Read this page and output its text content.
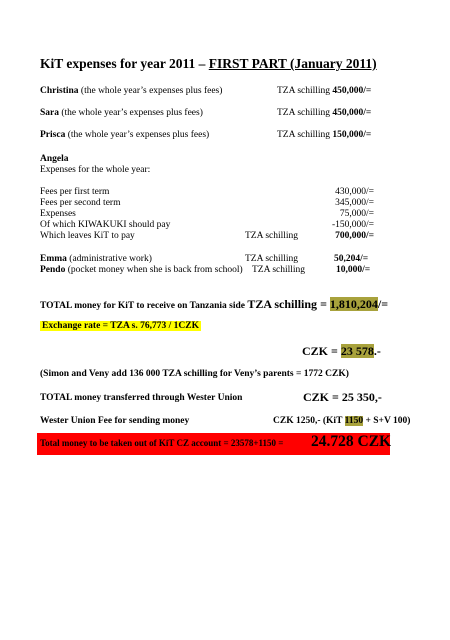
KiT expenses for year 2011 – FIRST PART (January 2011)
Christina (the whole year’s expenses plus fees)	TZA schilling 450,000/=
Sara (the whole year’s expenses plus fees)	TZA schilling 450,000/=
Prisca (the whole year’s expenses plus fees)	TZA schilling 150,000/=
Angela
Expenses for the whole year:
Fees per first term	430,000/=
Fees per second term	345,000/=
Expenses	75,000/=
Of which KIWAKUKI should pay	-150,000/=
Which leaves KiT to pay	TZA schilling	700,000/=
Emma (administrative work)	TZA schilling	50,204/=
Pendo (pocket money when she is back from school) TZA schilling	10,000/=
TOTAL money for KiT to receive on Tanzania side TZA schilling = 1,810,204/=
Exchange rate = TZA s. 76,773 / 1CZK
CZK = 23 578.-
(Simon and Veny add 136 000 TZA schilling for Veny’s parents = 1772 CZK)
TOTAL money transferred through Wester Union	CZK = 25 350,-
Wester Union Fee for sending money	CZK 1250,- (KiT 1150 + S+V 100)
Total money to be taken out of KiT CZ account = 23578+1150 = 24.728 CZK
